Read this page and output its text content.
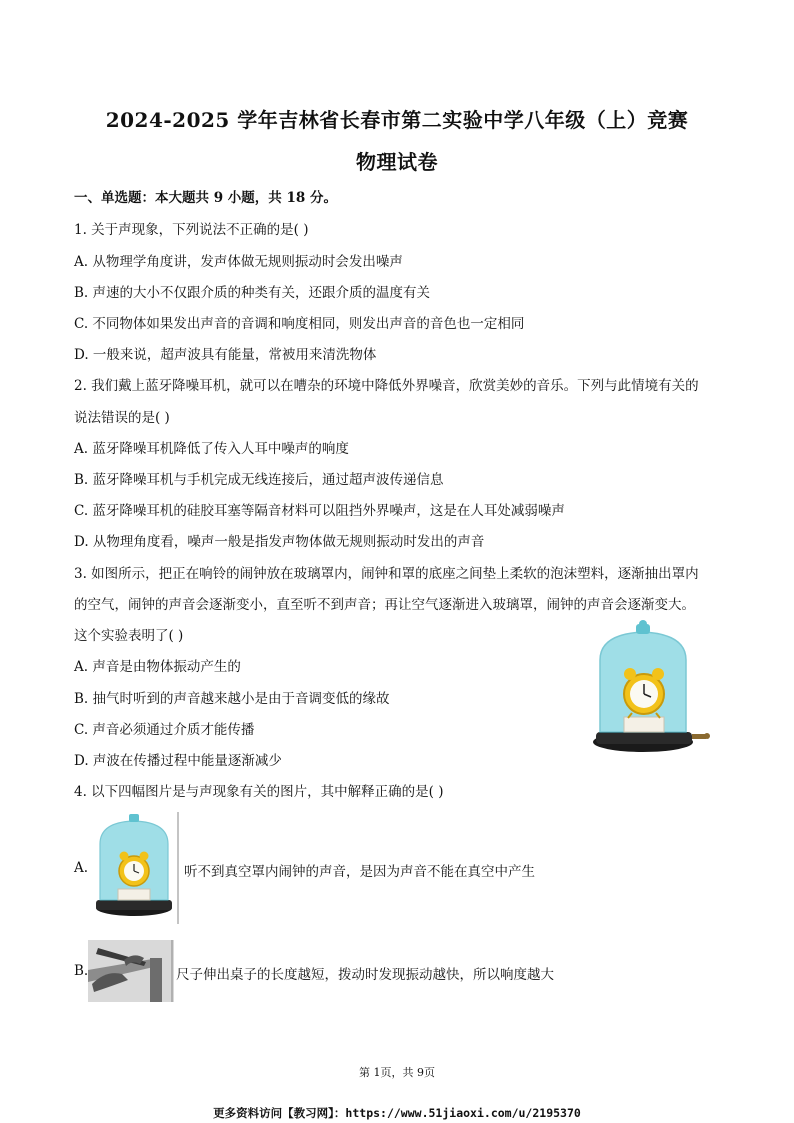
2024-2025 学年吉林省长春市第二实验中学八年级（上）竞赛
物理试卷
一、单选题：本大题共 9 小题，共 18 分。
1. 关于声现象，下列说法不正确的是( )
A. 从物理学角度讲，发声体做无规则振动时会发出噪声
B. 声速的大小不仅跟介质的种类有关，还跟介质的温度有关
C. 不同物体如果发出声音的音调和响度相同，则发出声音的音色也一定相同
D. 一般来说，超声波具有能量，常被用来清洗物体
2. 我们戴上蓝牙降噪耳机，就可以在嘈杂的环境中降低外界噪音，欣赏美妙的音乐。下列与此情境有关的
说法错误的是( )
A. 蓝牙降噪耳机降低了传入人耳中噪声的响度
B. 蓝牙降噪耳机与手机完成无线连接后，通过超声波传递信息
C. 蓝牙降噪耳机的硅胶耳塞等隔音材料可以阻挡外界噪声，这是在人耳处减弱噪声
D. 从物理角度看，噪声一般是指发声物体做无规则振动时发出的声音
3. 如图所示，把正在响铃的闹钟放在玻璃罩内，闹钟和罩的底座之间垫上柔软的泡沫塑料，逐渐抽出罩内
的空气，闹钟的声音会逐渐变小，直至听不到声音；再让空气逐渐进入玻璃罩，闹钟的声音会逐渐变大。
这个实验表明了( )
A. 声音是由物体振动产生的
B. 抽气时听到的声音越来越小是由于音调变低的缘故
C. 声音必须通过介质才能传播
D. 声波在传播过程中能量逐渐减少
4. 以下四幅图片是与声现象有关的图片，其中解释正确的是( )
A.	听不到真空罩内闹钟的声音，是因为声音不能在真空中产生
B.	尺子伸出桌子的长度越短，拨动时发现振动越快，所以响度越大
第 1页，共 9页
更多资料访问【教习网】：https://www.51jiaoxi.com/u/2195370
